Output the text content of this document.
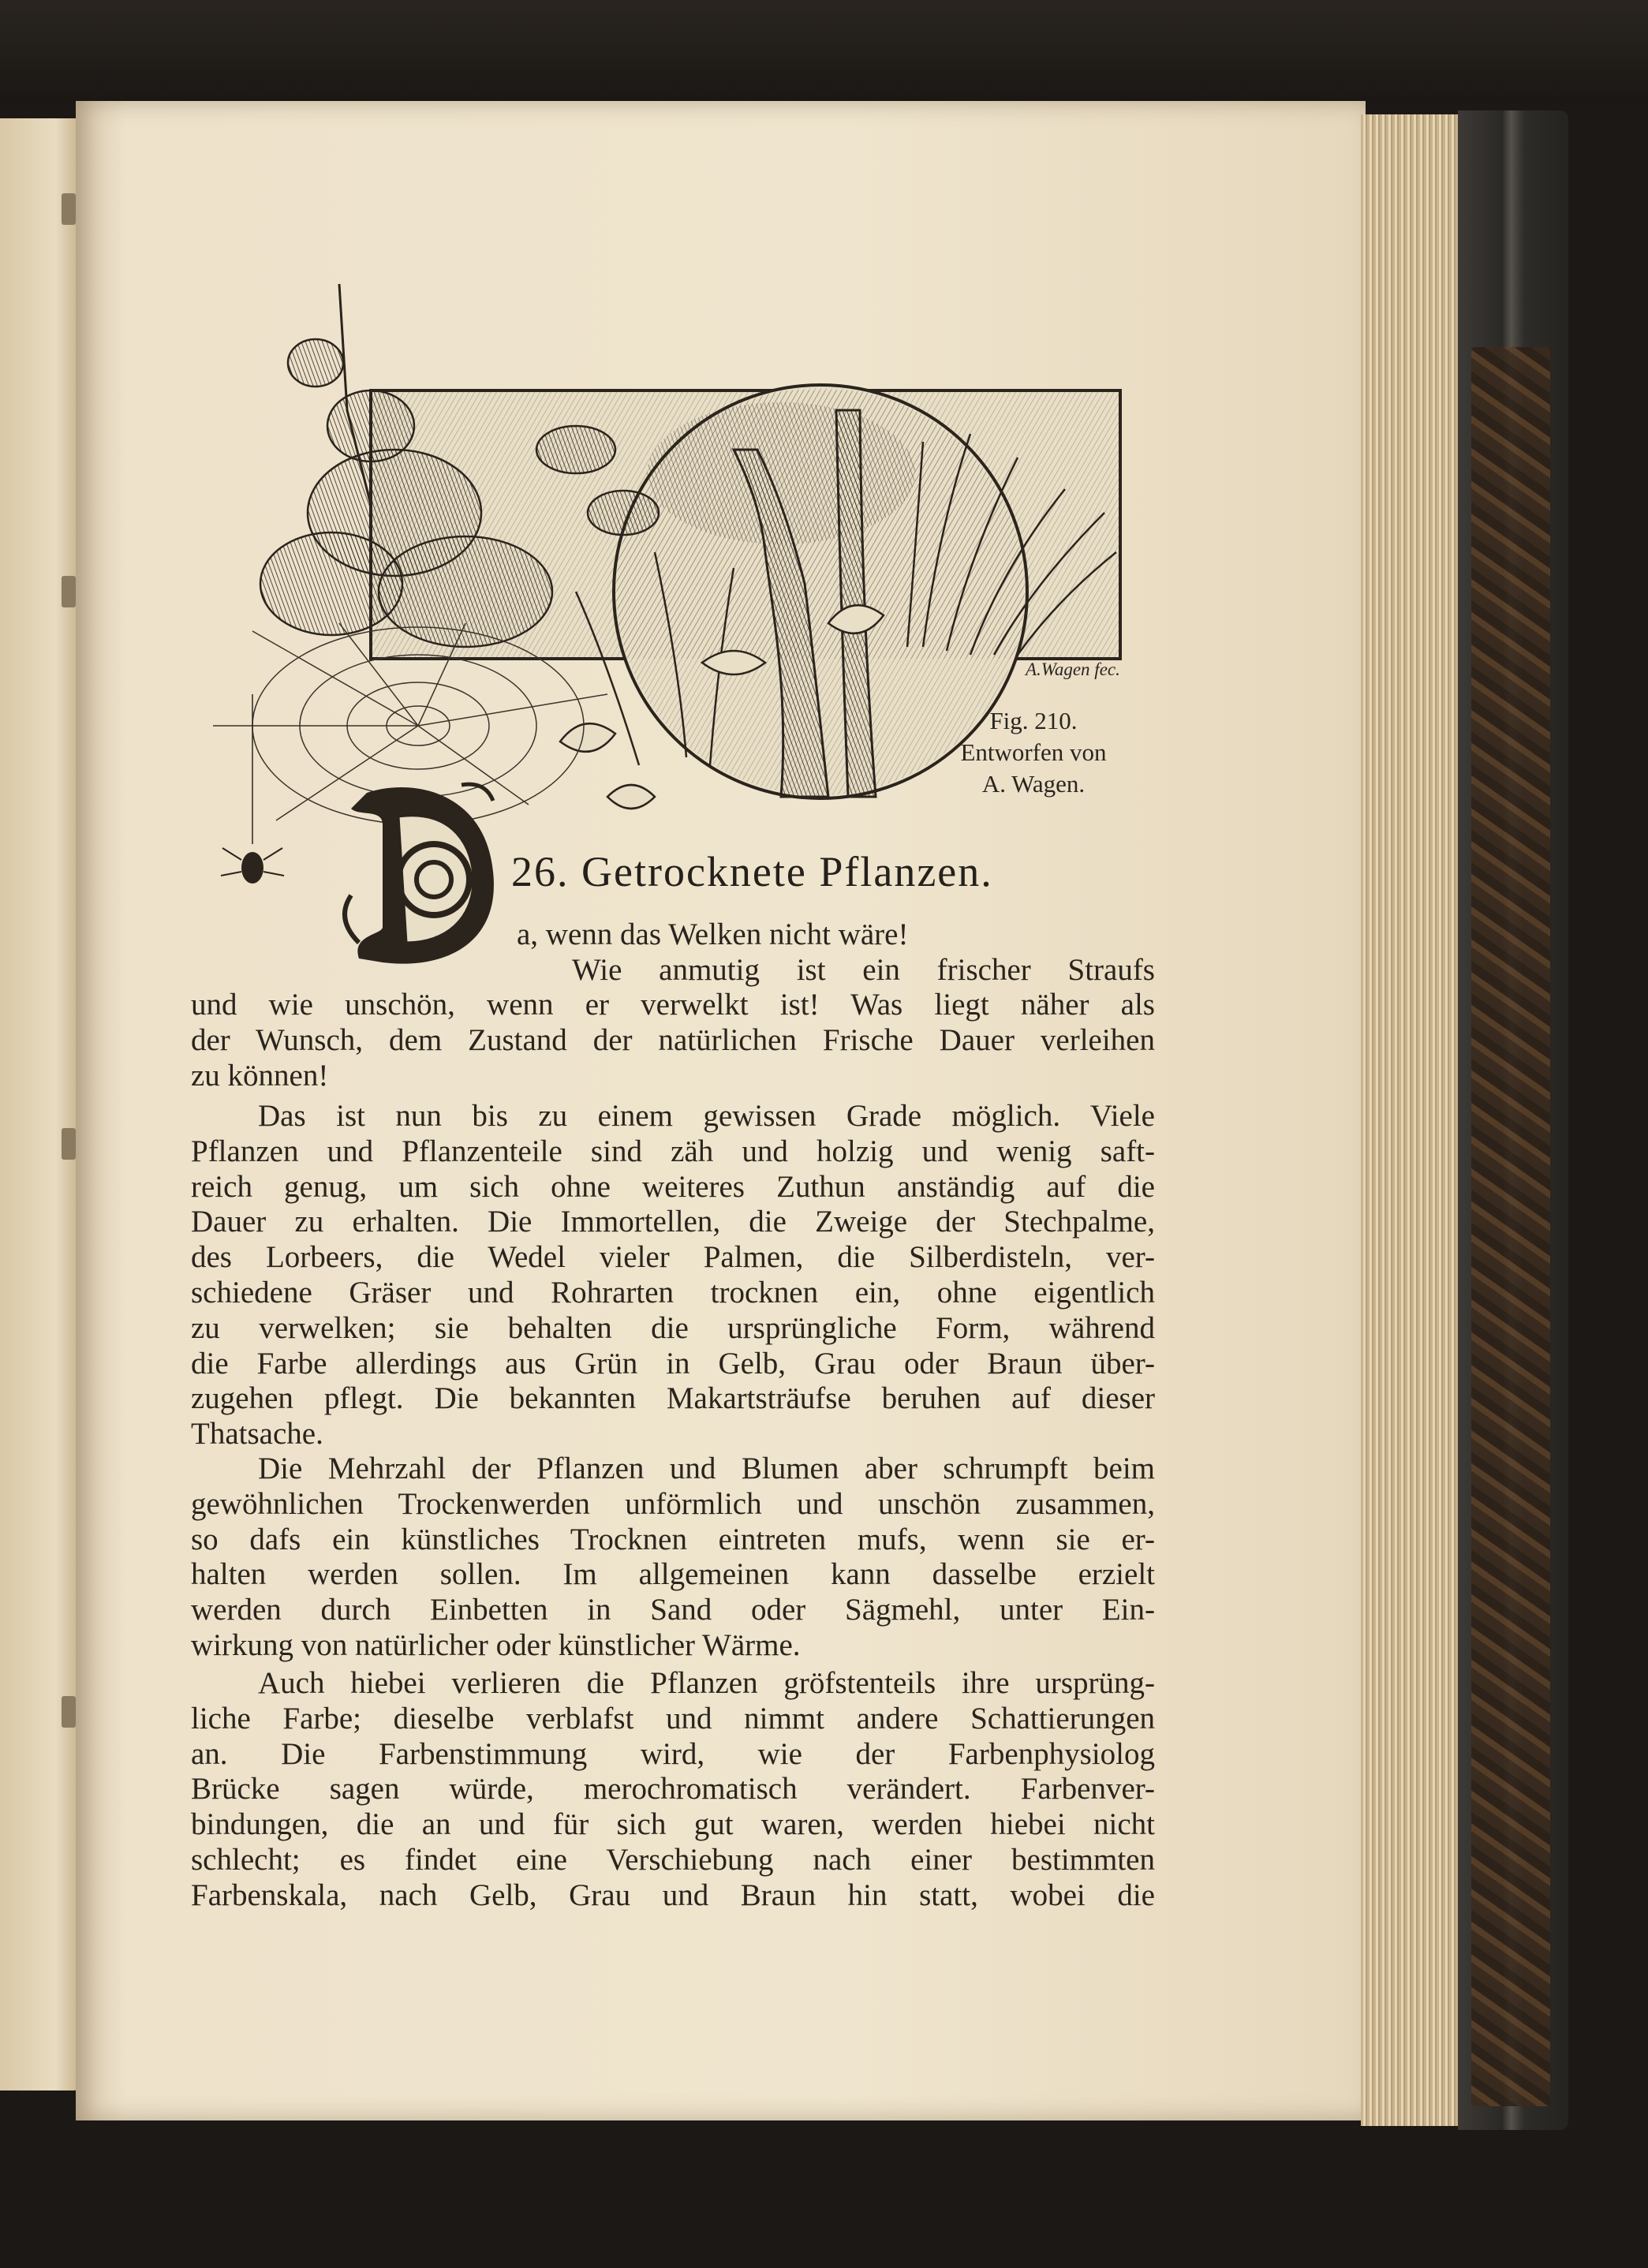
A.Wagen fec.
Fig. 210.
Entworfen von
A. Wagen.
26. Getrocknete Pflanzen.
a, wenn das Welken nicht wäre!
Wie anmutig ist ein frischer Straufs
und wie unschön, wenn er verwelkt ist! Was liegt näher als
der Wunsch, dem Zustand der natürlichen Frische Dauer verleihen
zu können!
Das ist nun bis zu einem gewissen Grade möglich. Viele
Pflanzen und Pflanzenteile sind zäh und holzig und wenig saft-
reich genug, um sich ohne weiteres Zuthun anständig auf die
Dauer zu erhalten. Die Immortellen, die Zweige der Stechpalme,
des Lorbeers, die Wedel vieler Palmen, die Silberdisteln, ver-
schiedene Gräser und Rohrarten trocknen ein, ohne eigentlich
zu verwelken; sie behalten die ursprüngliche Form, während
die Farbe allerdings aus Grün in Gelb, Grau oder Braun über-
zugehen pflegt. Die bekannten Makartsträufse beruhen auf dieser
Thatsache.
Die Mehrzahl der Pflanzen und Blumen aber schrumpft beim
gewöhnlichen Trockenwerden unförmlich und unschön zusammen,
so dafs ein künstliches Trocknen eintreten mufs, wenn sie er-
halten werden sollen. Im allgemeinen kann dasselbe erzielt
werden durch Einbetten in Sand oder Sägmehl, unter Ein-
wirkung von natürlicher oder künstlicher Wärme.
Auch hiebei verlieren die Pflanzen gröfstenteils ihre ursprüng-
liche Farbe; dieselbe verblafst und nimmt andere Schattierungen
an. Die Farbenstimmung wird, wie der Farbenphysiolog
Brücke sagen würde, merochromatisch verändert. Farbenver-
bindungen, die an und für sich gut waren, werden hiebei nicht
schlecht; es findet eine Verschiebung nach einer bestimmten
Farbenskala, nach Gelb, Grau und Braun hin statt, wobei die
